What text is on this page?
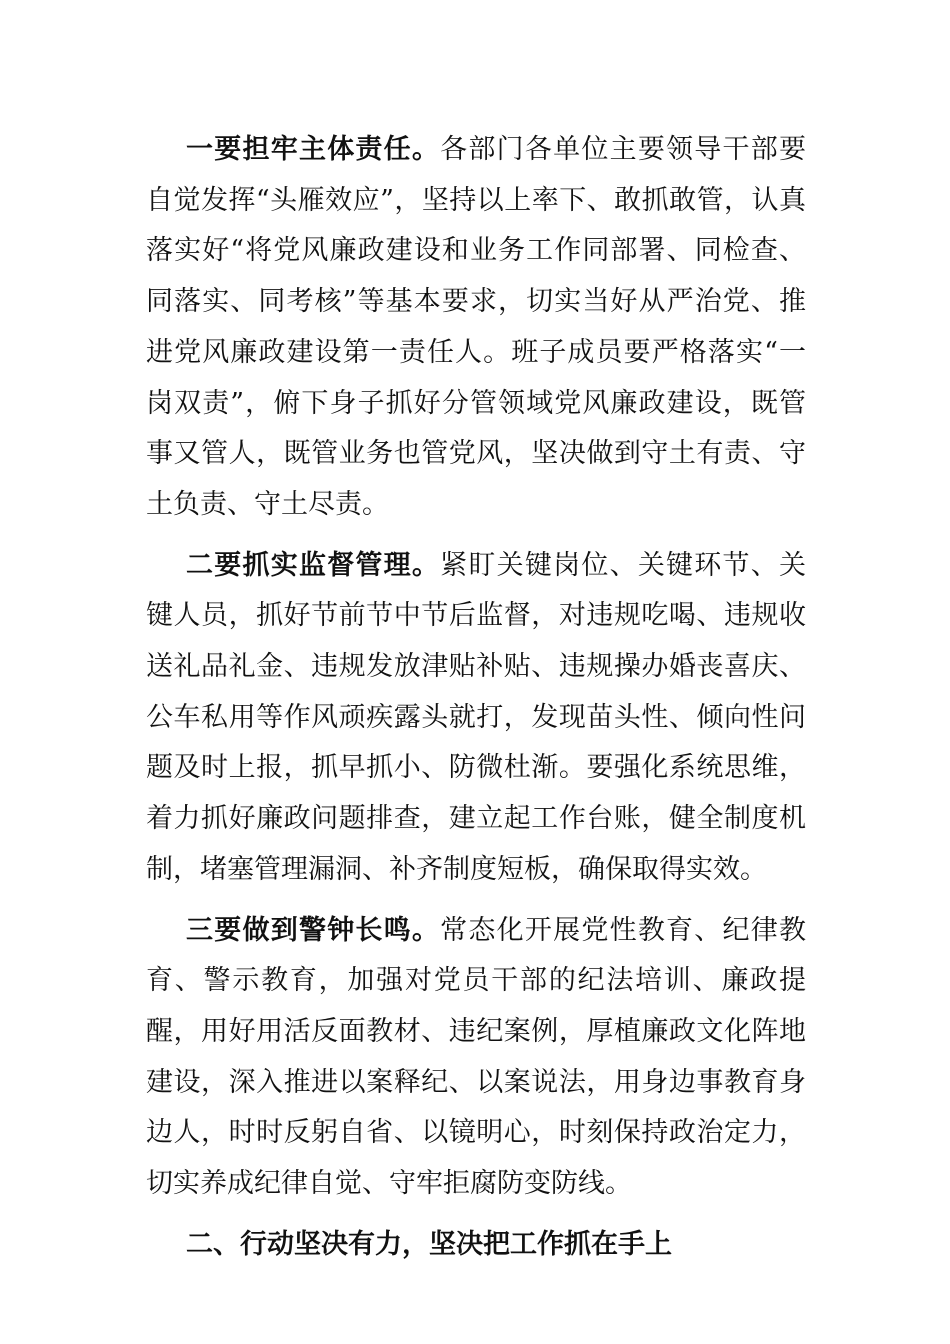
一要担牢主体责任。各部门各单位主要领导干部要自觉发挥“头雁效应”，坚持以上率下、敢抓敢管，认真落实好“将党风廉政建设和业务工作同部署、同检查、同落实、同考核”等基本要求，切实当好从严治党、推进党风廉政建设第一责任人。班子成员要严格落实“一岗双责”，俯下身子抓好分管领域党风廉政建设，既管事又管人，既管业务也管党风，坚决做到守土有责、守土负责、守土尽责。

二要抓实监督管理。紧盯关键岗位、关键环节、关键人员，抓好节前节中节后监督，对违规吃喝、违规收送礼品礼金、违规发放津贴补贴、违规操办婚丧喜庆、公车私用等作风顽疾露头就打，发现苗头性、倾向性问题及时上报，抓早抓小、防微杜渐。要强化系统思维，着力抓好廉政问题排查，建立起工作台账，健全制度机制，堵塞管理漏洞、补齐制度短板，确保取得实效。

三要做到警钟长鸣。常态化开展党性教育、纪律教育、警示教育，加强对党员干部的纪法培训、廉政提醒，用好用活反面教材、违纪案例，厚植廉政文化阵地建设，深入推进以案释纪、以案说法，用身边事教育身边人，时时反躬自省、以镜明心，时刻保持政治定力，切实养成纪律自觉、守牢拒腐防变防线。

二、行动坚决有力，坚决把工作抓在手上
